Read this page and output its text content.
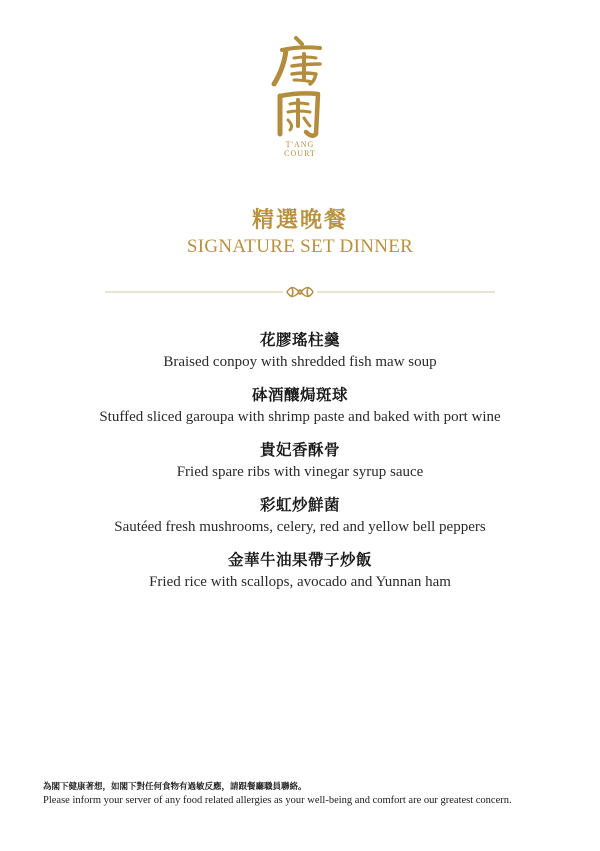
T'ANG
COURT
精選晚餐
SIGNATURE SET DINNER
花膠瑤柱羹
Braised conpoy with shredded fish maw soup
砵酒釀焗斑球
Stuffed sliced garoupa with shrimp paste and baked with port wine
貴妃香酥骨
Fried spare ribs with vinegar syrup sauce
彩虹炒鮮菌
Sautéed fresh mushrooms, celery, red and yellow bell peppers
金華牛油果帶子炒飯
Fried rice with scallops, avocado and Yunnan ham
為閣下健康著想，如閣下對任何食物有過敏反應，請跟餐廳職員聯絡。
Please inform your server of any food related allergies as your well-being and comfort are our greatest concern.
